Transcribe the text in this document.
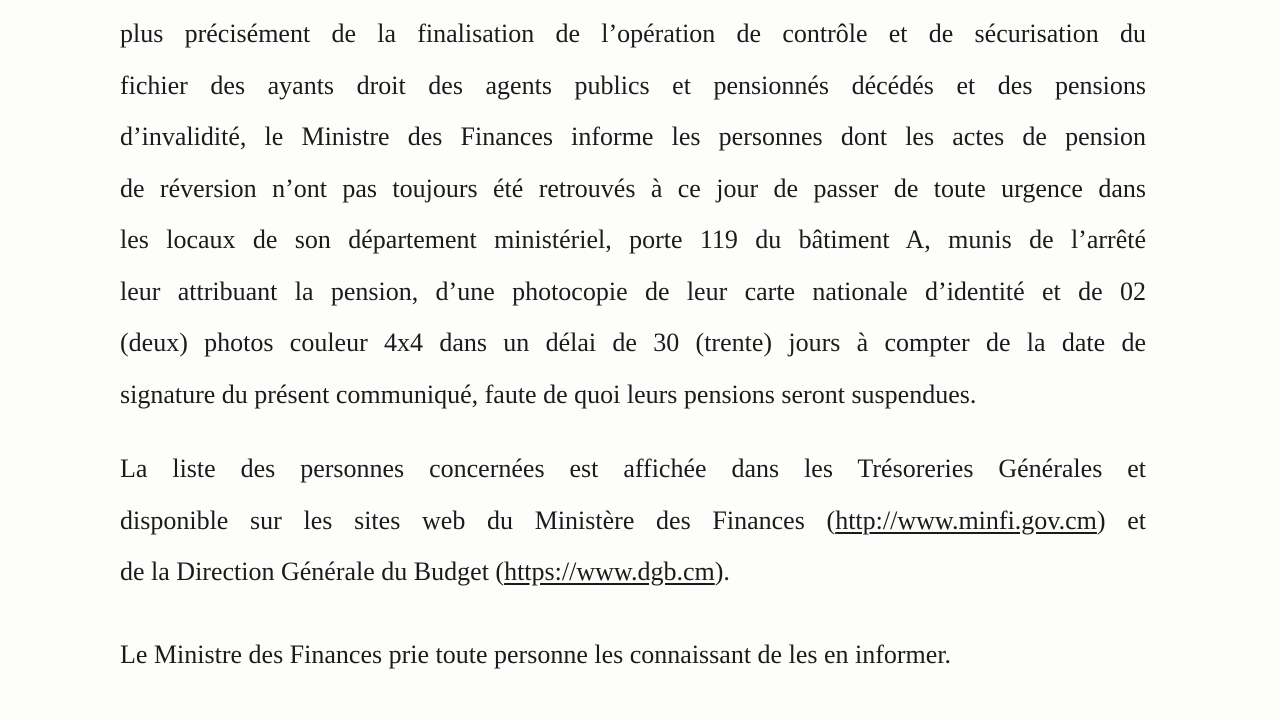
plus précisément de la finalisation de l’opération de contrôle et de sécurisation du
fichier des ayants droit des agents publics et pensionnés décédés et des pensions
d’invalidité, le Ministre des Finances informe les personnes dont les actes de pension
de réversion n’ont pas toujours été retrouvés à ce jour de passer de toute urgence dans
les locaux de son département ministériel, porte 119 du bâtiment A, munis de l’arrêté
leur attribuant la pension, d’une photocopie de leur carte nationale d’identité et de 02
(deux) photos couleur 4x4 dans un délai de 30 (trente) jours à compter de la date de
signature du présent communiqué, faute de quoi leurs pensions seront suspendues.
La liste des personnes concernées est affichée dans les Trésoreries Générales et
disponible sur les sites web du Ministère des Finances (http://www.minfi.gov.cm) et
de la Direction Générale du Budget (https://www.dgb.cm).
Le Ministre des Finances prie toute personne les connaissant de les en informer.
